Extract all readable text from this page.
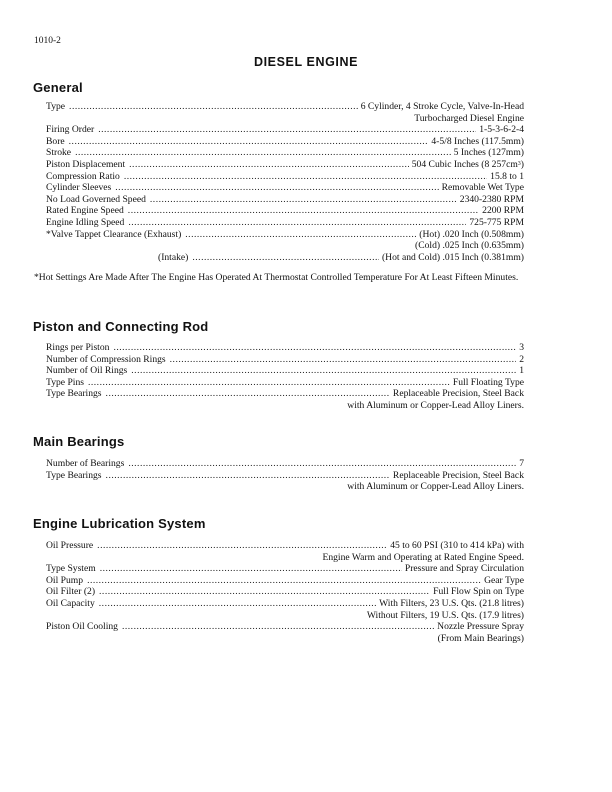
1010-2
DIESEL ENGINE
General
Type .....	6 Cylinder, 4 Stroke Cycle, Valve-In-Head
Turbocharged Diesel Engine
Firing Order .....	1-5-3-6-2-4
Bore .....	4-5/8 Inches (117.5mm)
Stroke .....	5 Inches (127mm)
Piston Displacement .....	504 Cubic Inches (8 $257cm^3$)
Compression Ratio .....	15.8 to 1
Cylinder Sleeves .....	Removable Wet Type
No Load Governed Speed .....	2340-2380 RPM
Rated Engine Speed .....	2200 RPM
Engine Idling Speed .....	725-775 RPM
*Valve Tappet Clearance (Exhaust) .....	(Hot) .020 Inch (0.508mm)
(Cold) .025 Inch (0.635mm)
(Intake) .....	(Hot and Cold) .015 Inch (0.381mm)
*Hot Settings Are Made After The Engine Has Operated At Thermostat Controlled Temperature For At Least Fifteen Minutes.
Piston and Connecting Rod
Rings per Piston .....	3
Number of Compression Rings .....	2
Number of Oil Rings .....	1
Type Pins .....	Full Floating Type
Type Bearings .....	Replaceable Precision, Steel Back
with Aluminum or Copper-Lead Alloy Liners.
Main Bearings
Number of Bearings .....	7
Type Bearings .....	Replaceable Precision, Steel Back
with Aluminum or Copper-Lead Alloy Liners.
Engine Lubrication System
Oil Pressure .....	45 to 60 PSI (310 to 414 kPa) with
Engine Warm and Operating at Rated Engine Speed.
Type System .....	Pressure and Spray Circulation
Oil Pump .....	Gear Type
Oil Filter (2) .....	Full Flow Spin on Type
Oil Capacity .....	With Filters, 23 U.S. Qts. (21.8 litres)
Without Filters, 19 U.S. Qts. (17.9 litres)
Piston Oil Cooling .....	Nozzle Pressure Spray
(From Main Bearings)
